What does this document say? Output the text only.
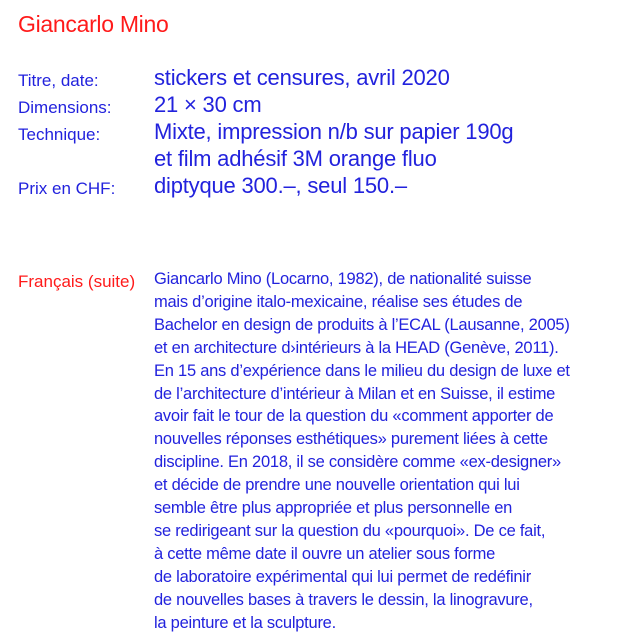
Giancarlo Mino
Titre, date:	stickers et censures, avril 2020
Dimensions: 21 × 30 cm
Technique: Mixte, impression n/b sur papier 190g
et film adhésif 3M orange fluo
Prix en CHF: diptyque 300.–, seul 150.–
Français (suite) Giancarlo Mino (Locarno, 1982), de nationalité suisse
mais d’origine italo-mexicaine, réalise ses études de
Bachelor en design de produits à l’ECAL (Lausanne, 2005)
et en architecture d›intérieurs à la HEAD (Genève, 2011).
En 15 ans d’expérience dans le milieu du design de luxe et
de l’architecture d’intérieur à Milan et en Suisse, il estime
avoir fait le tour de la question du «comment apporter de
nouvelles réponses esthétiques» purement liées à cette
discipline. En 2018, il se considère comme «ex-designer»
et décide de prendre une nouvelle orientation qui lui
semble être plus appropriée et plus personnelle en
se redirigeant sur la question du «pourquoi». De ce fait,
à cette même date il ouvre un atelier sous forme
de laboratoire expérimental qui lui permet de redéfinir
de nouvelles bases à travers le dessin, la linogravure,
la peinture et la sculpture.
